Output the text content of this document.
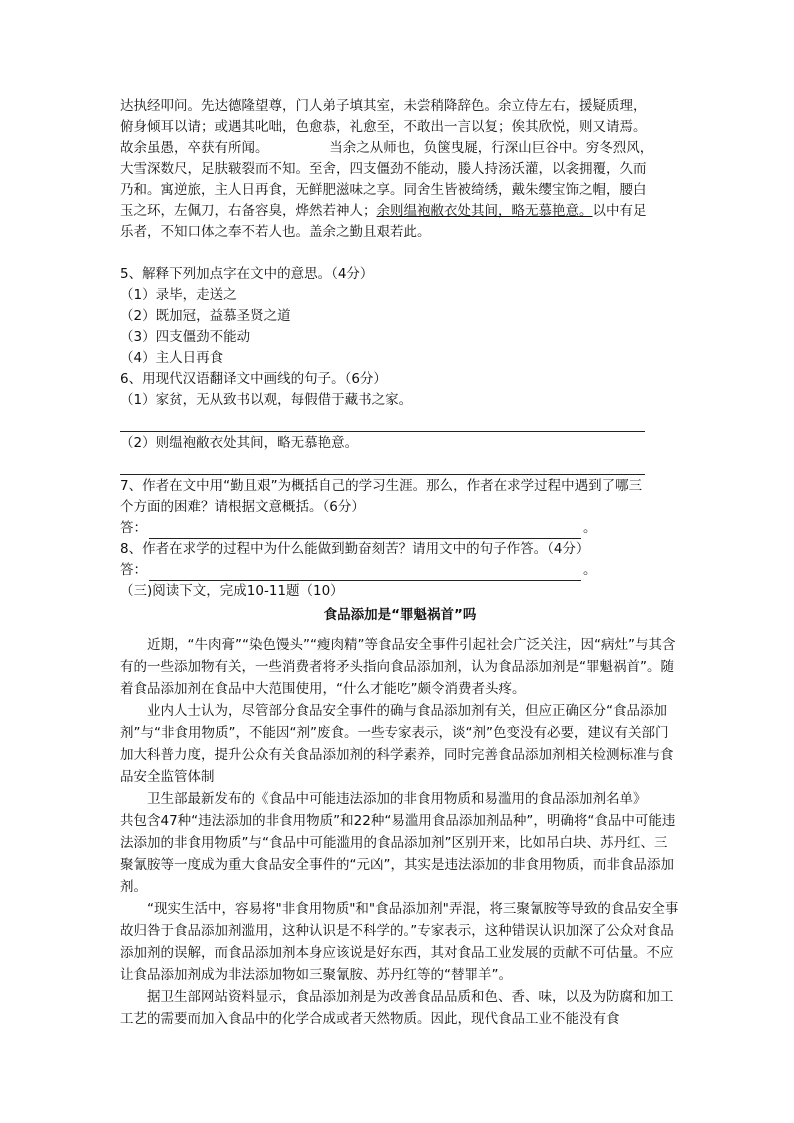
达执经叩问。先达德隆望尊，门人弟子填其室，未尝稍降辞色。余立侍左右，援疑质理，
俯身倾耳以请；或遇其叱咄，色愈恭，礼愈至，不敢出一言以复；俟其欣悦，则又请焉。
故余虽愚，卒获有所闻。　　　　　当余之从师也，负箧曳屣，行深山巨谷中。穷冬烈风，
大雪深数尺，足肤皲裂而不知。至舍，四支僵劲不能动，媵人持汤沃灌，以衾拥覆，久而
乃和。寓逆旅，主人日再食，无鲜肥滋味之享。同舍生皆被绮绣，戴朱缨宝饰之帽，腰白
玉之环，左佩刀，右备容臭，烨然若神人；余则缊袍敝衣处其间，略无慕艳意。以中有足
乐者，不知口体之奉不若人也。盖余之勤且艰若此。
5、解释下列加点字在文中的意思。（4分）
（1）录毕，走送之
（2）既加冠，益慕圣贤之道
（3）四支僵劲不能动
（4）主人日再食
6、用现代汉语翻译文中画线的句子。（6分）
（1）家贫，无从致书以观，每假借于藏书之家。
（2）则缊袍敝衣处其间，略无慕艳意。
7、作者在文中用“勤且艰”为概括自己的学习生涯。那么，作者在求学过程中遇到了哪三
个方面的困难？请根据文意概括。（6分）
答：	。
8、作者在求学的过程中为什么能做到勤奋刻苦？请用文中的句子作答。（4分）
答：	。
（三)阅读下文，完成10-11题（10）
食品添加是“罪魁祸首”吗

近期，“牛肉膏”“染色馒头”“瘦肉精”等食品安全事件引起社会广泛关注，因“病灶”与其含有的一些添加物有关，一些消费者将矛头指向食品添加剂，认为食品添加剂是“罪魁祸首”。随着食品添加剂在食品中大范围使用，“什么才能吃”颇令消费者头疼。

业内人士认为，尽管部分食品安全事件的确与食品添加剂有关，但应正确区分“食品添加剂”与“非食用物质”，不能因“剂”废食。一些专家表示，谈“剂”色变没有必要，建议有关部门加大科普力度，提升公众有关食品添加剂的科学素养，同时完善食品添加剂相关检测标准与食品安全监管体制

卫生部最新发布的《食品中可能违法添加的非食用物质和易滥用的食品添加剂名单》

共包含47种“违法添加的非食用物质”和22种“易滥用食品添加剂品种”，明确将“食品中可能违法添加的非食用物质”与“食品中可能滥用的食品添加剂”区别开来，比如吊白块、苏丹红、三聚氰胺等一度成为重大食品安全事件的“元凶”，其实是违法添加的非食用物质，而非食品添加剂。

“现实生活中，容易将"非食用物质"和"食品添加剂"弄混，将三聚氰胺等导致的食品安全事故归咎于食品添加剂滥用，这种认识是不科学的。”专家表示，这种错误认识加深了公众对食品添加剂的误解，而食品添加剂本身应该说是好东西，其对食品工业发展的贡献不可估量。不应让食品添加剂成为非法添加物如三聚氰胺、苏丹红等的“替罪羊”。

据卫生部网站资料显示，食品添加剂是为改善食品品质和色、香、味，以及为防腐和加工工艺的需要而加入食品中的化学合成或者天然物质。因此，现代食品工业不能没有食
